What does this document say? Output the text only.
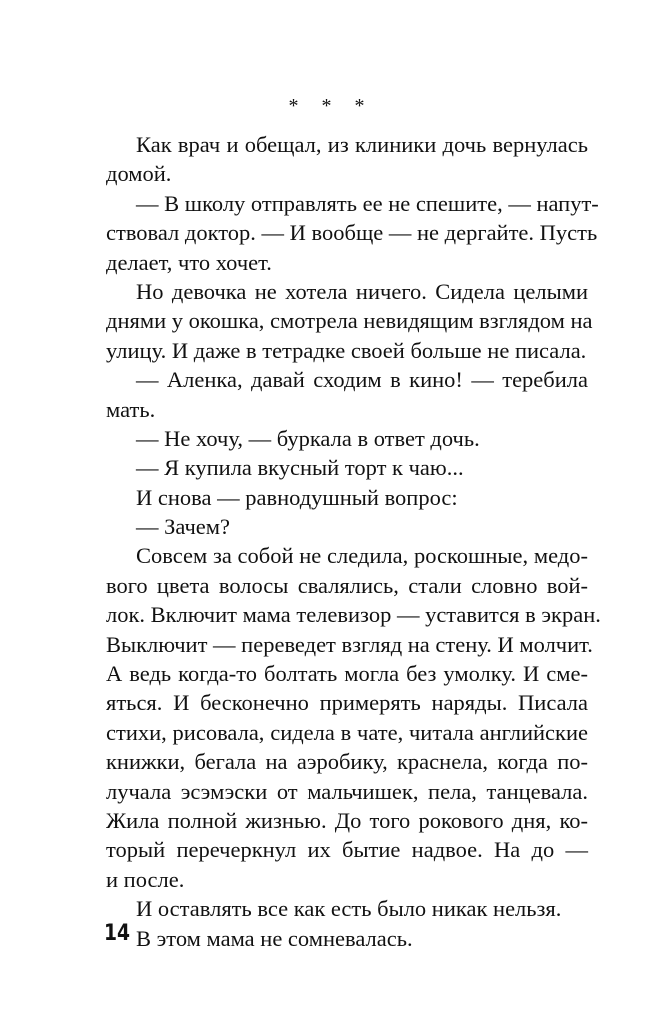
* * *
Как врач и обещал, из клиники дочь вернулась
домой.
— В школу отправлять ее не спешите, — напут-
ствовал доктор. — И вообще — не дергайте. Пусть
делает, что хочет.
Но девочка не хотела ничего. Сидела целыми
днями у окошка, смотрела невидящим взглядом на
улицу. И даже в тетрадке своей больше не писала.
— Аленка, давай сходим в кино! — теребила
мать.
— Не хочу, — буркала в ответ дочь.
— Я купила вкусный торт к чаю...
И снова — равнодушный вопрос:
— Зачем?
Совсем за собой не следила, роскошные, медо-
вого цвета волосы свалялись, стали словно вой-
лок. Включит мама телевизор — уставится в экран.
Выключит — переведет взгляд на стену. И молчит.
А ведь когда-то болтать могла без умолку. И сме-
яться. И бесконечно примерять наряды. Писала
стихи, рисовала, сидела в чате, читала английские
книжки, бегала на аэробику, краснела, когда по-
лучала эсэмэски от мальчишек, пела, танцевала.
Жила полной жизнью. До того рокового дня, ко-
торый перечеркнул их бытие надвое. На до —
и после.
И оставлять все как есть было никак нельзя.
В этом мама не сомневалась.
14
